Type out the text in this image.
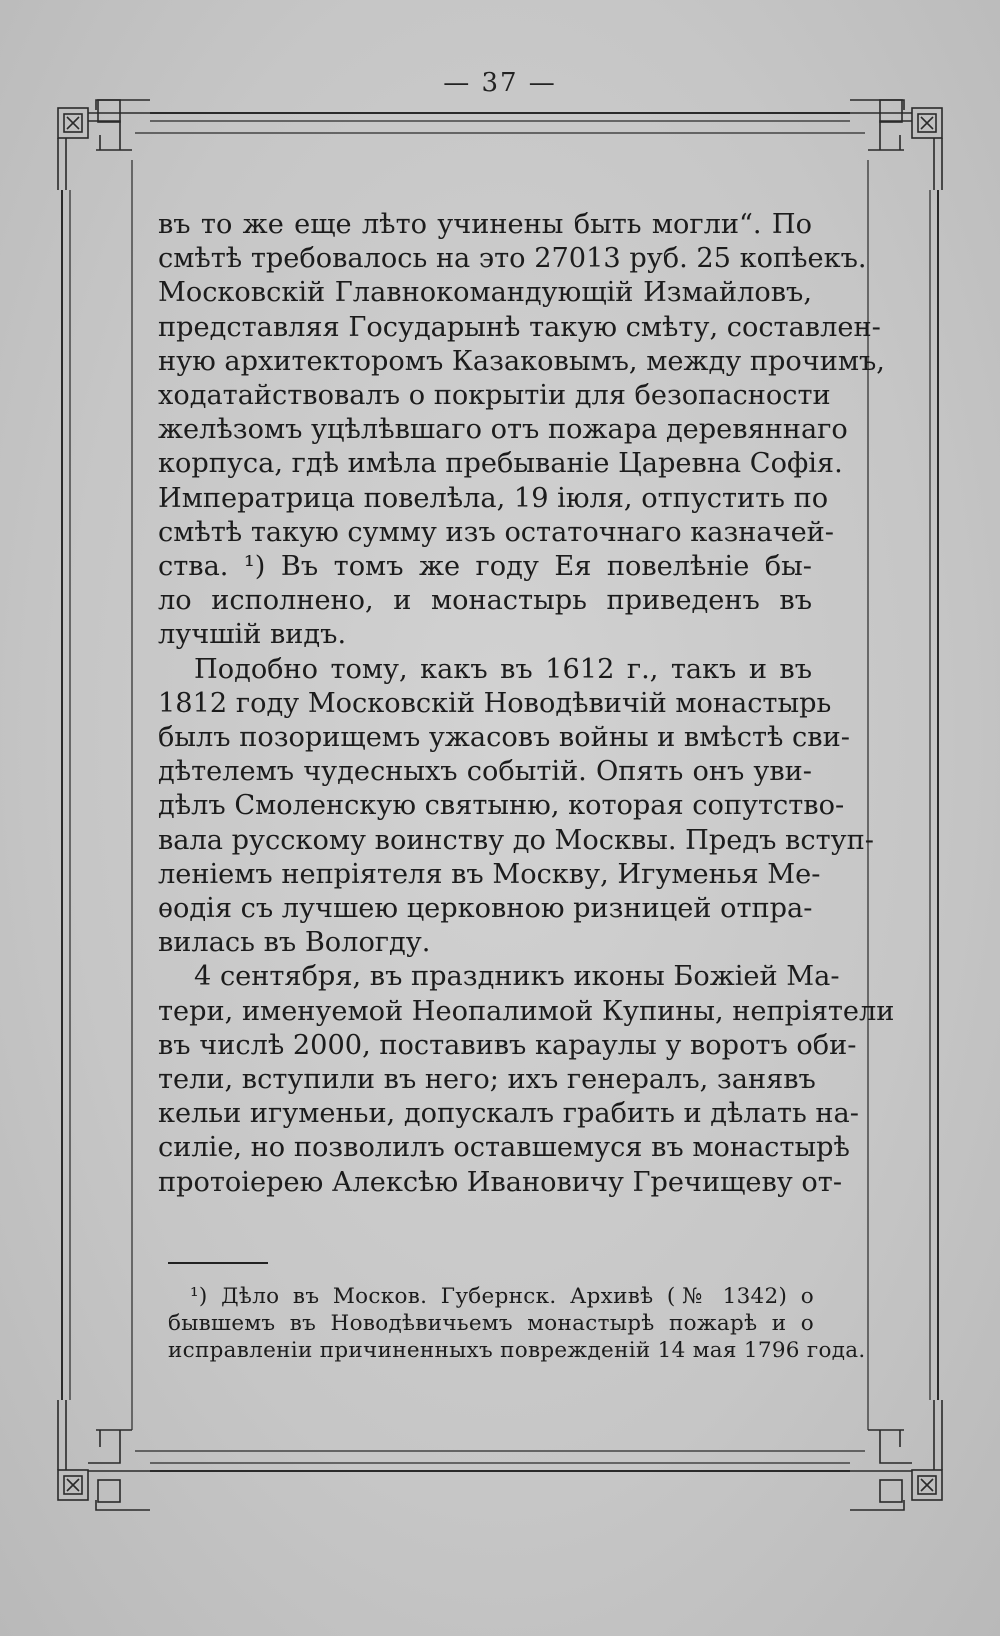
— 37 —
въ то же еще лѣто учинены быть могли“. По
смѣтѣ требовалось на это 27013 руб. 25 копѣекъ.
Московскій Главнокомандующій Измайловъ,
представляя Государынѣ такую смѣту, составлен-
ную архитекторомъ Казаковымъ, между прочимъ,
ходатайствовалъ о покрытіи для безопасности
желѣзомъ уцѣлѣвшаго отъ пожара деревяннаго
корпуса, гдѣ имѣла пребываніе Царевна Софія.
Императрица повелѣла, 19 іюля, отпустить по
смѣтѣ такую сумму изъ остаточнаго казначей-
ства. ¹) Въ томъ же году Ея повелѣніе бы-
ло исполнено, и монастырь приведенъ въ
лучшій видъ.
Подобно тому, какъ въ 1612 г., такъ и въ
1812 году Московскій Новодѣвичій монастырь
былъ позорищемъ ужасовъ войны и вмѣстѣ сви-
дѣтелемъ чудесныхъ событій. Опять онъ уви-
дѣлъ Смоленскую святыню, которая сопутство-
вала русскому воинству до Москвы. Предъ вступ-
леніемъ непріятеля въ Москву, Игуменья Ме-
ѳодія съ лучшею церковною ризницей отпра-
вилась въ Вологду.
4 сентября, въ праздникъ иконы Божіей Ма-
тери, именуемой Неопалимой Купины, непріятели
въ числѣ 2000, поставивъ караулы у воротъ оби-
тели, вступили въ него; ихъ генералъ, занявъ
кельи игуменьи, допускалъ грабить и дѣлать на-
силіе, но позволилъ оставшемуся въ монастырѣ
протоіерею Алексѣю Ивановичу Гречищеву от-
¹) Дѣло въ Москов. Губернск. Архивѣ (№ 1342) о
бывшемъ въ Новодѣвичьемъ монастырѣ пожарѣ и о
исправленіи причиненныхъ поврежденій 14 мая 1796 года.
